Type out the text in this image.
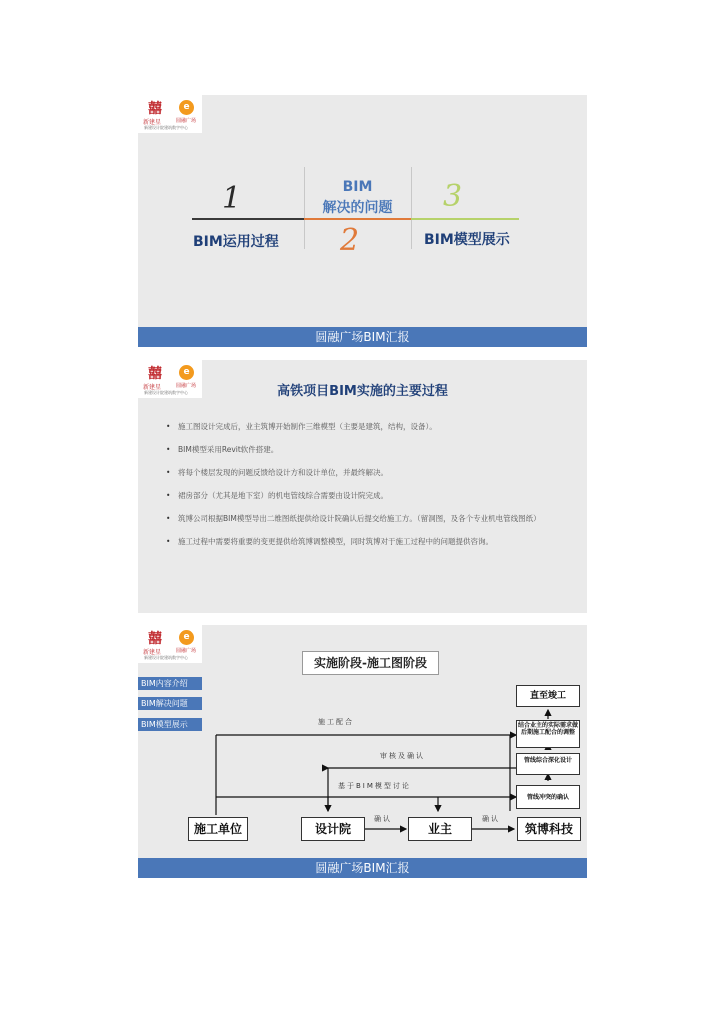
囍
新建星
e
圆融广场
新建设计院建筑数字中心
1
2
3
BIM运用过程
BIM
解决的问题
BIM模型展示
圆融广场BIM汇报
囍
新建星
e
圆融广场
新建设计院建筑数字中心	高铁项目BIM实施的主要过程
• 施工图设计完成后，业主筑博开始制作三维模型（主要是建筑，结构，设备）。
• BIM模型采用Revit软件搭建。
• 将每个楼层发现的问题反馈给设计方和设计单位，并最终解决。
• 裙房部分（尤其是地下室）的机电管线综合需要由设计院完成。
• 筑博公司根据BIM模型导出二维图纸提供给设计院确认后提交给施工方。（留洞图，及各个专业机电管线图纸）
• 施工过程中需要将重要的变更提供给筑博调整模型，同时筑博对于施工过程中的问题提供咨询。
囍
新建星
e
圆融广场
新建设计院建筑数字中心	实施阶段-施工图阶段
BIM内容介绍
BIM解决问题
BIM模型展示	施工配合
审核及确认
基于BIM模型讨论
确认	确认
施工单位	设计院	业主	筑博科技
直至竣工
结合业主的实际需求做后期施工配合的调整
管线综合深化设计
管线冲突的确认
圆融广场BIM汇报
